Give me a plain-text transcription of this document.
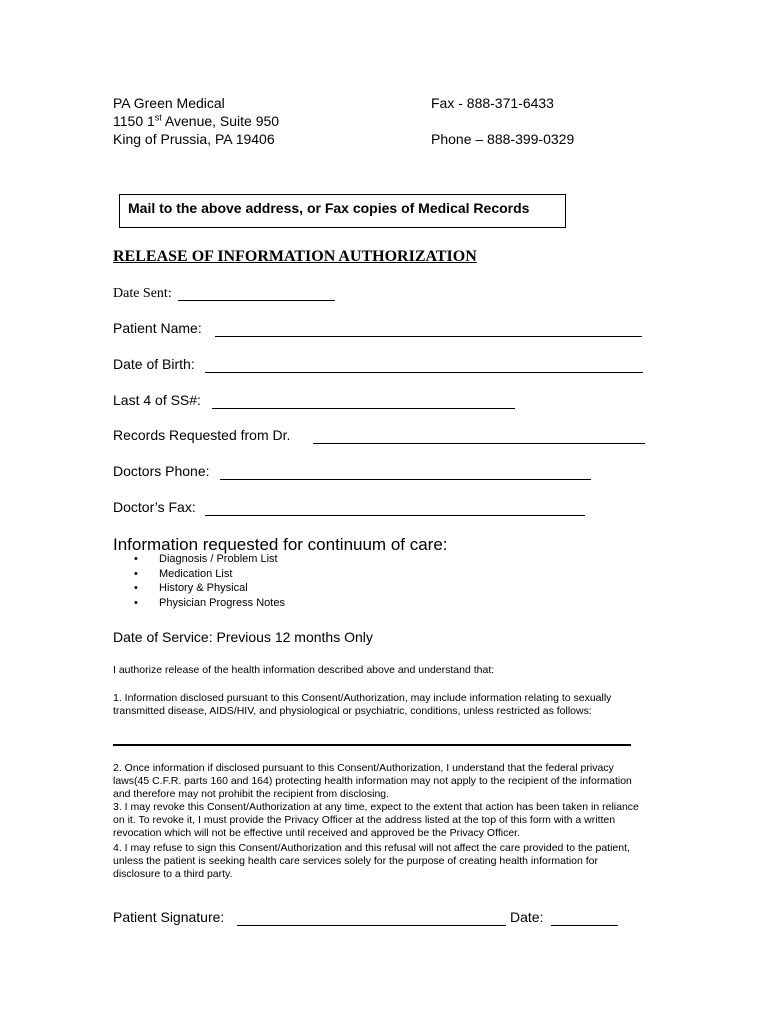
PA Green Medical
1150 1st Avenue, Suite 950
King of Prussia, PA 19406
Fax - 888-371-6433
Phone – 888-399-0329
Mail to the above address, or Fax copies of Medical Records
RELEASE OF INFORMATION AUTHORIZATION
Date Sent:
Patient Name:
Date of Birth:
Last 4 of SS#:
Records Requested from Dr.
Doctors Phone:
Doctor’s Fax:
Information requested for continuum of care:
• Diagnosis / Problem List
• Medication List
• History & Physical
• Physician Progress Notes
Date of Service: Previous 12 months Only
I authorize release of the health information described above and understand that:
1. Information disclosed pursuant to this Consent/Authorization, may include information relating to sexually transmitted disease, AIDS/HIV, and physiological or psychiatric, conditions, unless restricted as follows:
2. Once information if disclosed pursuant to this Consent/Authorization, I understand that the federal privacy laws(45 C.F.R. parts 160 and 164) protecting health information may not apply to the recipient of the information and therefore may not prohibit the recipient from disclosing.
3. I may revoke this Consent/Authorization at any time, expect to the extent that action has been taken in reliance on it. To revoke it, I must provide the Privacy Officer at the address listed at the top of this form with a written revocation which will not be effective until received and approved be the Privacy Officer.
4. I may refuse to sign this Consent/Authorization and this refusal will not affect the care provided to the patient, unless the patient is seeking health care services solely for the purpose of creating health information for disclosure to a third party.
Patient Signature:	Date:
